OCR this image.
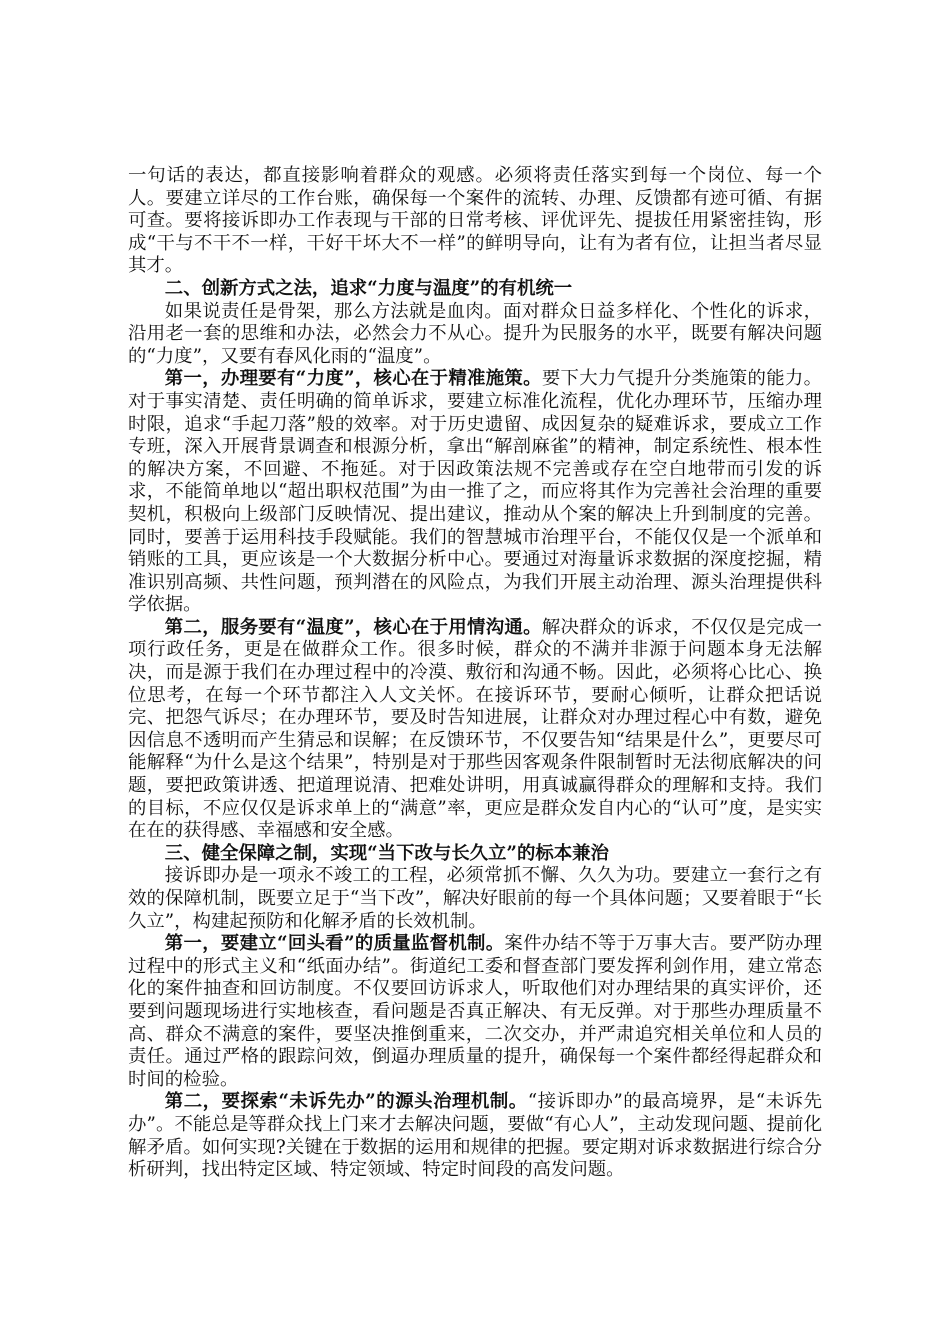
一句话的表达，都直接影响着群众的观感。必须将责任落实到每一个岗位、每一个人。要建立详尽的工作台账，确保每一个案件的流转、办理、反馈都有迹可循、有据可查。要将接诉即办工作表现与干部的日常考核、评优评先、提拔任用紧密挂钩，形成“干与不干不一样，干好干坏大不一样”的鲜明导向，让有为者有位，让担当者尽显其才。

二、创新方式之法，追求“力度与温度”的有机统一

如果说责任是骨架，那么方法就是血肉。面对群众日益多样化、个性化的诉求，沿用老一套的思维和办法，必然会力不从心。提升为民服务的水平，既要有解决问题的“力度”，又要有春风化雨的“温度”。

第一，办理要有“力度”，核心在于精准施策。要下大力气提升分类施策的能力。对于事实清楚、责任明确的简单诉求，要建立标准化流程，优化办理环节，压缩办理时限，追求“手起刀落”般的效率。对于历史遗留、成因复杂的疑难诉求，要成立工作专班，深入开展背景调查和根源分析，拿出“解剖麻雀”的精神，制定系统性、根本性的解决方案，不回避、不拖延。对于因政策法规不完善或存在空白地带而引发的诉求，不能简单地以“超出职权范围”为由一推了之，而应将其作为完善社会治理的重要契机，积极向上级部门反映情况、提出建议，推动从个案的解决上升到制度的完善。同时，要善于运用科技手段赋能。我们的智慧城市治理平台，不能仅仅是一个派单和销账的工具，更应该是一个大数据分析中心。要通过对海量诉求数据的深度挖掘，精准识别高频、共性问题，预判潜在的风险点，为我们开展主动治理、源头治理提供科学依据。

第二，服务要有“温度”，核心在于用情沟通。解决群众的诉求，不仅仅是完成一项行政任务，更是在做群众工作。很多时候，群众的不满并非源于问题本身无法解决，而是源于我们在办理过程中的冷漠、敷衍和沟通不畅。因此，必须将心比心、换位思考，在每一个环节都注入人文关怀。在接诉环节，要耐心倾听，让群众把话说完、把怨气诉尽；在办理环节，要及时告知进展，让群众对办理过程心中有数，避免因信息不透明而产生猜忌和误解；在反馈环节，不仅要告知“结果是什么”，更要尽可能解释“为什么是这个结果”，特别是对于那些因客观条件限制暂时无法彻底解决的问题，要把政策讲透、把道理说清、把难处讲明，用真诚赢得群众的理解和支持。我们的目标，不应仅仅是诉求单上的“满意”率，更应是群众发自内心的“认可”度，是实实在在的获得感、幸福感和安全感。

三、健全保障之制，实现“当下改与长久立”的标本兼治

接诉即办是一项永不竣工的工程，必须常抓不懈、久久为功。要建立一套行之有效的保障机制，既要立足于“当下改”，解决好眼前的每一个具体问题；又要着眼于“长久立”，构建起预防和化解矛盾的长效机制。

第一，要建立“回头看”的质量监督机制。案件办结不等于万事大吉。要严防办理过程中的形式主义和“纸面办结”。街道纪工委和督查部门要发挥利剑作用，建立常态化的案件抽查和回访制度。不仅要回访诉求人，听取他们对办理结果的真实评价，还要到问题现场进行实地核查，看问题是否真正解决、有无反弹。对于那些办理质量不高、群众不满意的案件，要坚决推倒重来，二次交办，并严肃追究相关单位和人员的责任。通过严格的跟踪问效，倒逼办理质量的提升，确保每一个案件都经得起群众和时间的检验。

第二，要探索“未诉先办”的源头治理机制。“接诉即办”的最高境界，是“未诉先办”。不能总是等群众找上门来才去解决问题，要做“有心人”，主动发现问题、提前化解矛盾。如何实现?关键在于数据的运用和规律的把握。要定期对诉求数据进行综合分析研判，找出特定区域、特定领域、特定时间段的高发问题。
